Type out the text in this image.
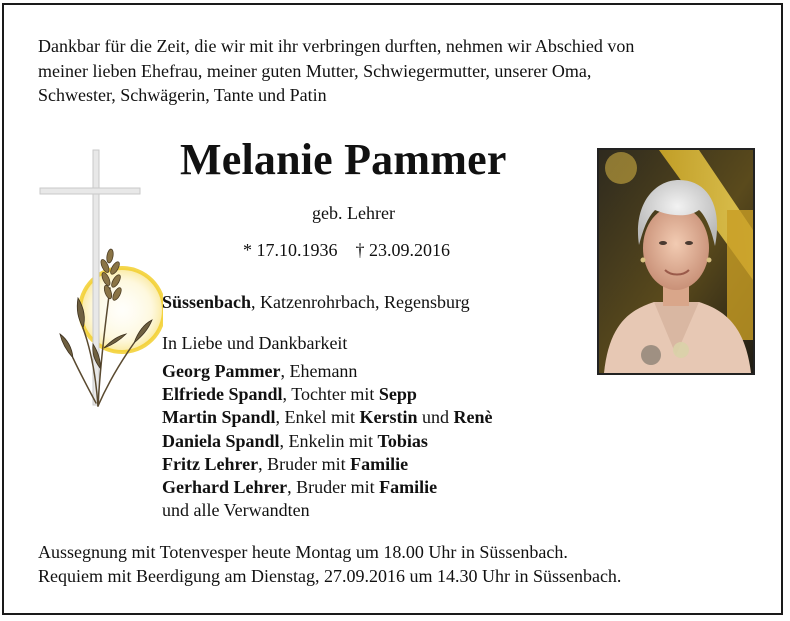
Dankbar für die Zeit, die wir mit ihr verbringen durften, nehmen wir Abschied von
meiner lieben Ehefrau, meiner guten Mutter, Schwiegermutter, unserer Oma,
Schwester, Schwägerin, Tante und Patin
Melanie Pammer
geb. Lehrer
* 17.10.1936 † 23.09.2016
Süssenbach, Katzenrohrbach, Regensburg
In Liebe und Dankbarkeit
Georg Pammer, Ehemann
Elfriede Spandl, Tochter mit Sepp
Martin Spandl, Enkel mit Kerstin und Renè
Daniela Spandl, Enkelin mit Tobias
Fritz Lehrer, Bruder mit Familie
Gerhard Lehrer, Bruder mit Familie
und alle Verwandten
Aussegnung mit Totenvesper heute Montag um 18.00 Uhr in Süssenbach.
Requiem mit Beerdigung am Dienstag, 27.09.2016 um 14.30 Uhr in Süssenbach.
